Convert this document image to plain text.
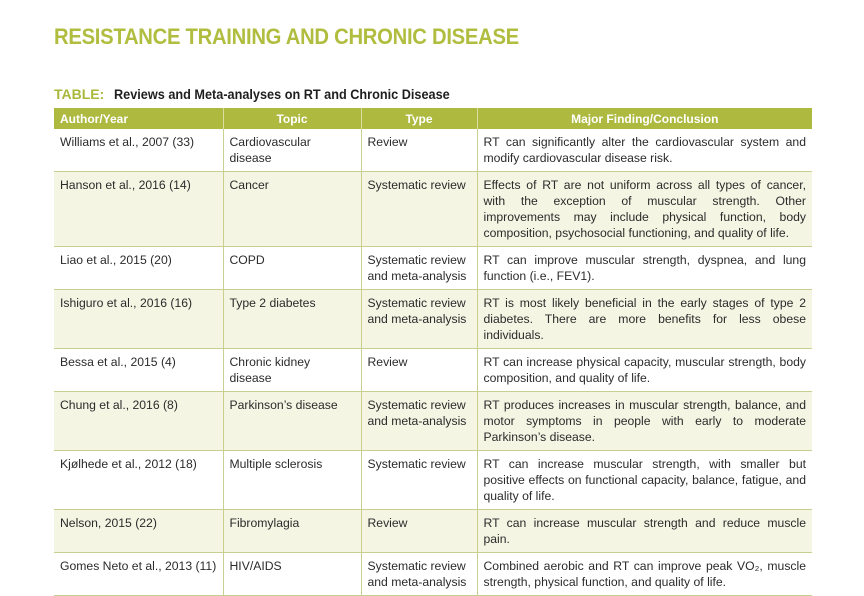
RESISTANCE TRAINING AND CHRONIC DISEASE
TABLE: Reviews and Meta-analyses on RT and Chronic Disease
Author/Year	Topic	Type	Major Finding/Conclusion
Williams et al., 2007 (33)	Cardiovascular disease	Review	RT can significantly alter the cardiovascular system and modify cardiovascular disease risk.
Hanson et al., 2016 (14)	Cancer	Systematic review	Effects of RT are not uniform across all types of cancer, with the exception of muscular strength. Other improvements may include physical function, body composition, psychosocial functioning, and quality of life.
Liao et al., 2015 (20)	COPD	Systematic review and meta-analysis	RT can improve muscular strength, dyspnea, and lung function (i.e., FEV1).
Ishiguro et al., 2016 (16)	Type 2 diabetes	Systematic review and meta-analysis	RT is most likely beneficial in the early stages of type 2 diabetes. There are more benefits for less obese individuals.
Bessa et al., 2015 (4)	Chronic kidney disease	Review	RT can increase physical capacity, muscular strength, body composition, and quality of life.
Chung et al., 2016 (8)	Parkinson’s disease	Systematic review and meta-analysis	RT produces increases in muscular strength, balance, and motor symptoms in people with early to moderate Parkinson’s disease.
Kjølhede et al., 2012 (18)	Multiple sclerosis	Systematic review	RT can increase muscular strength, with smaller but positive effects on functional capacity, balance, fatigue, and quality of life.
Nelson, 2015 (22)	Fibromylagia	Review	RT can increase muscular strength and reduce muscle pain.
Gomes Neto et al., 2013 (11)	HIV/AIDS	Systematic review and meta-analysis	Combined aerobic and RT can improve peak VO₂, muscle strength, physical function, and quality of life.
